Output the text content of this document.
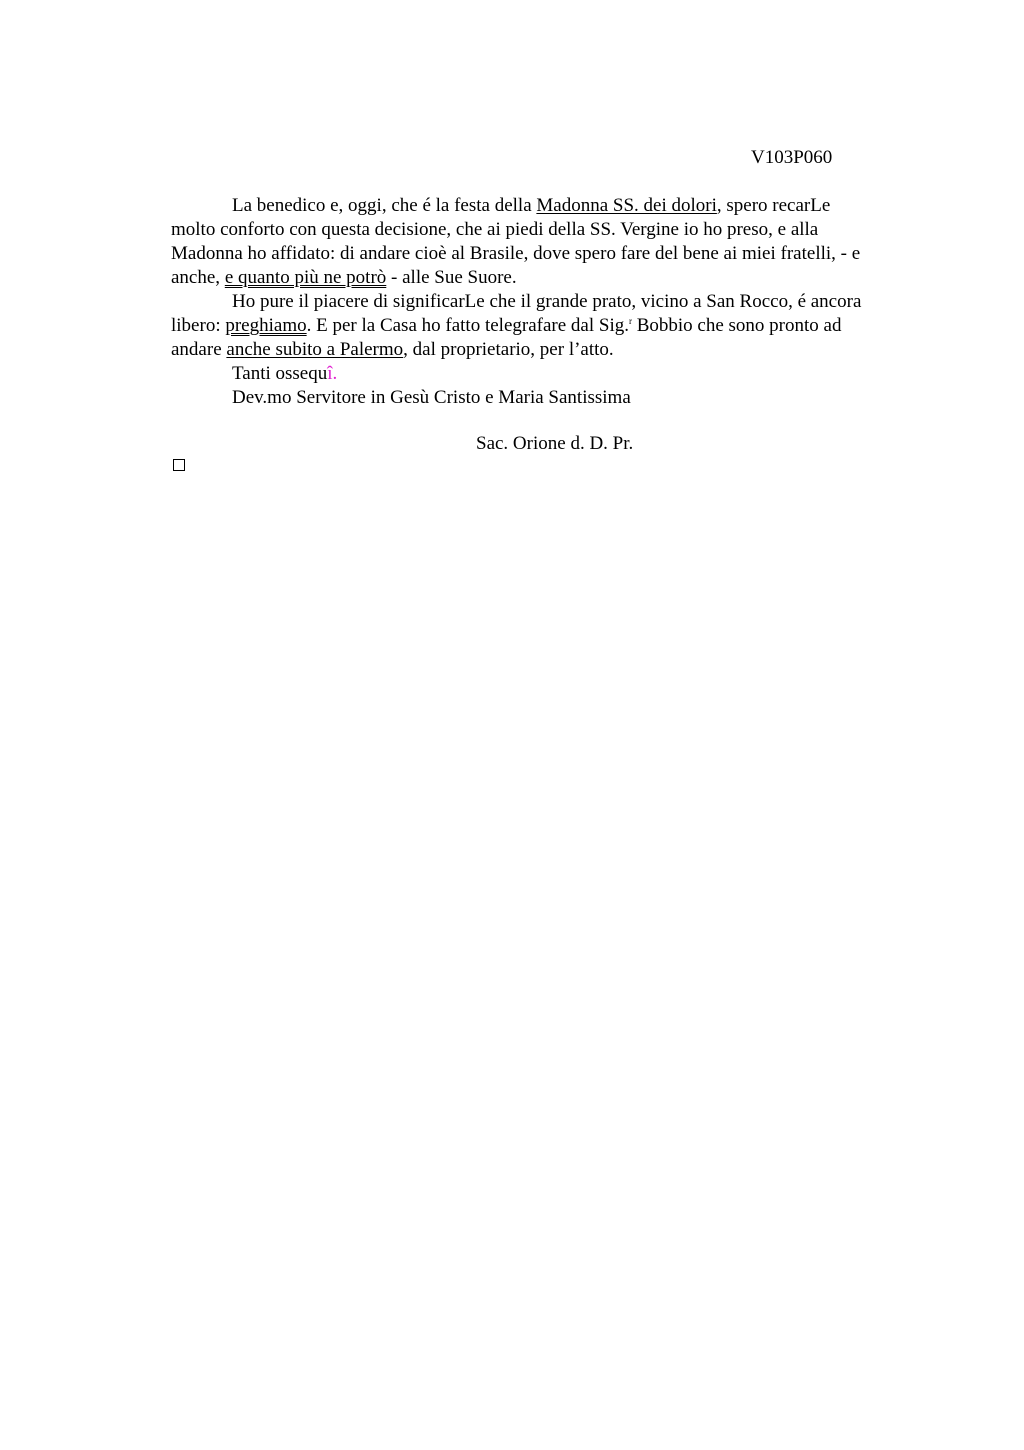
V103P060

La benedico e, oggi, che é la festa della Madonna SS. dei dolori, spero recarLe
molto conforto con questa decisione, che ai piedi della SS. Vergine io ho preso, e alla
Madonna ho affidato: di andare cioè al Brasile, dove spero fare del bene ai miei fratelli, - e
anche, e quanto più ne potrò - alle Sue Suore.

Ho pure il piacere di significarLe che il grande prato, vicino a San Rocco, é ancora
libero: preghiamo. E per la Casa ho fatto telegrafare dal Sig.$^r$ Bobbio che sono pronto ad
andare anche subito a Palermo, dal proprietario, per l’atto.

Tanti ossequî.

Dev.mo Servitore in Gesù Cristo e Maria Santissima

Sac. Orione d. D. Pr.
